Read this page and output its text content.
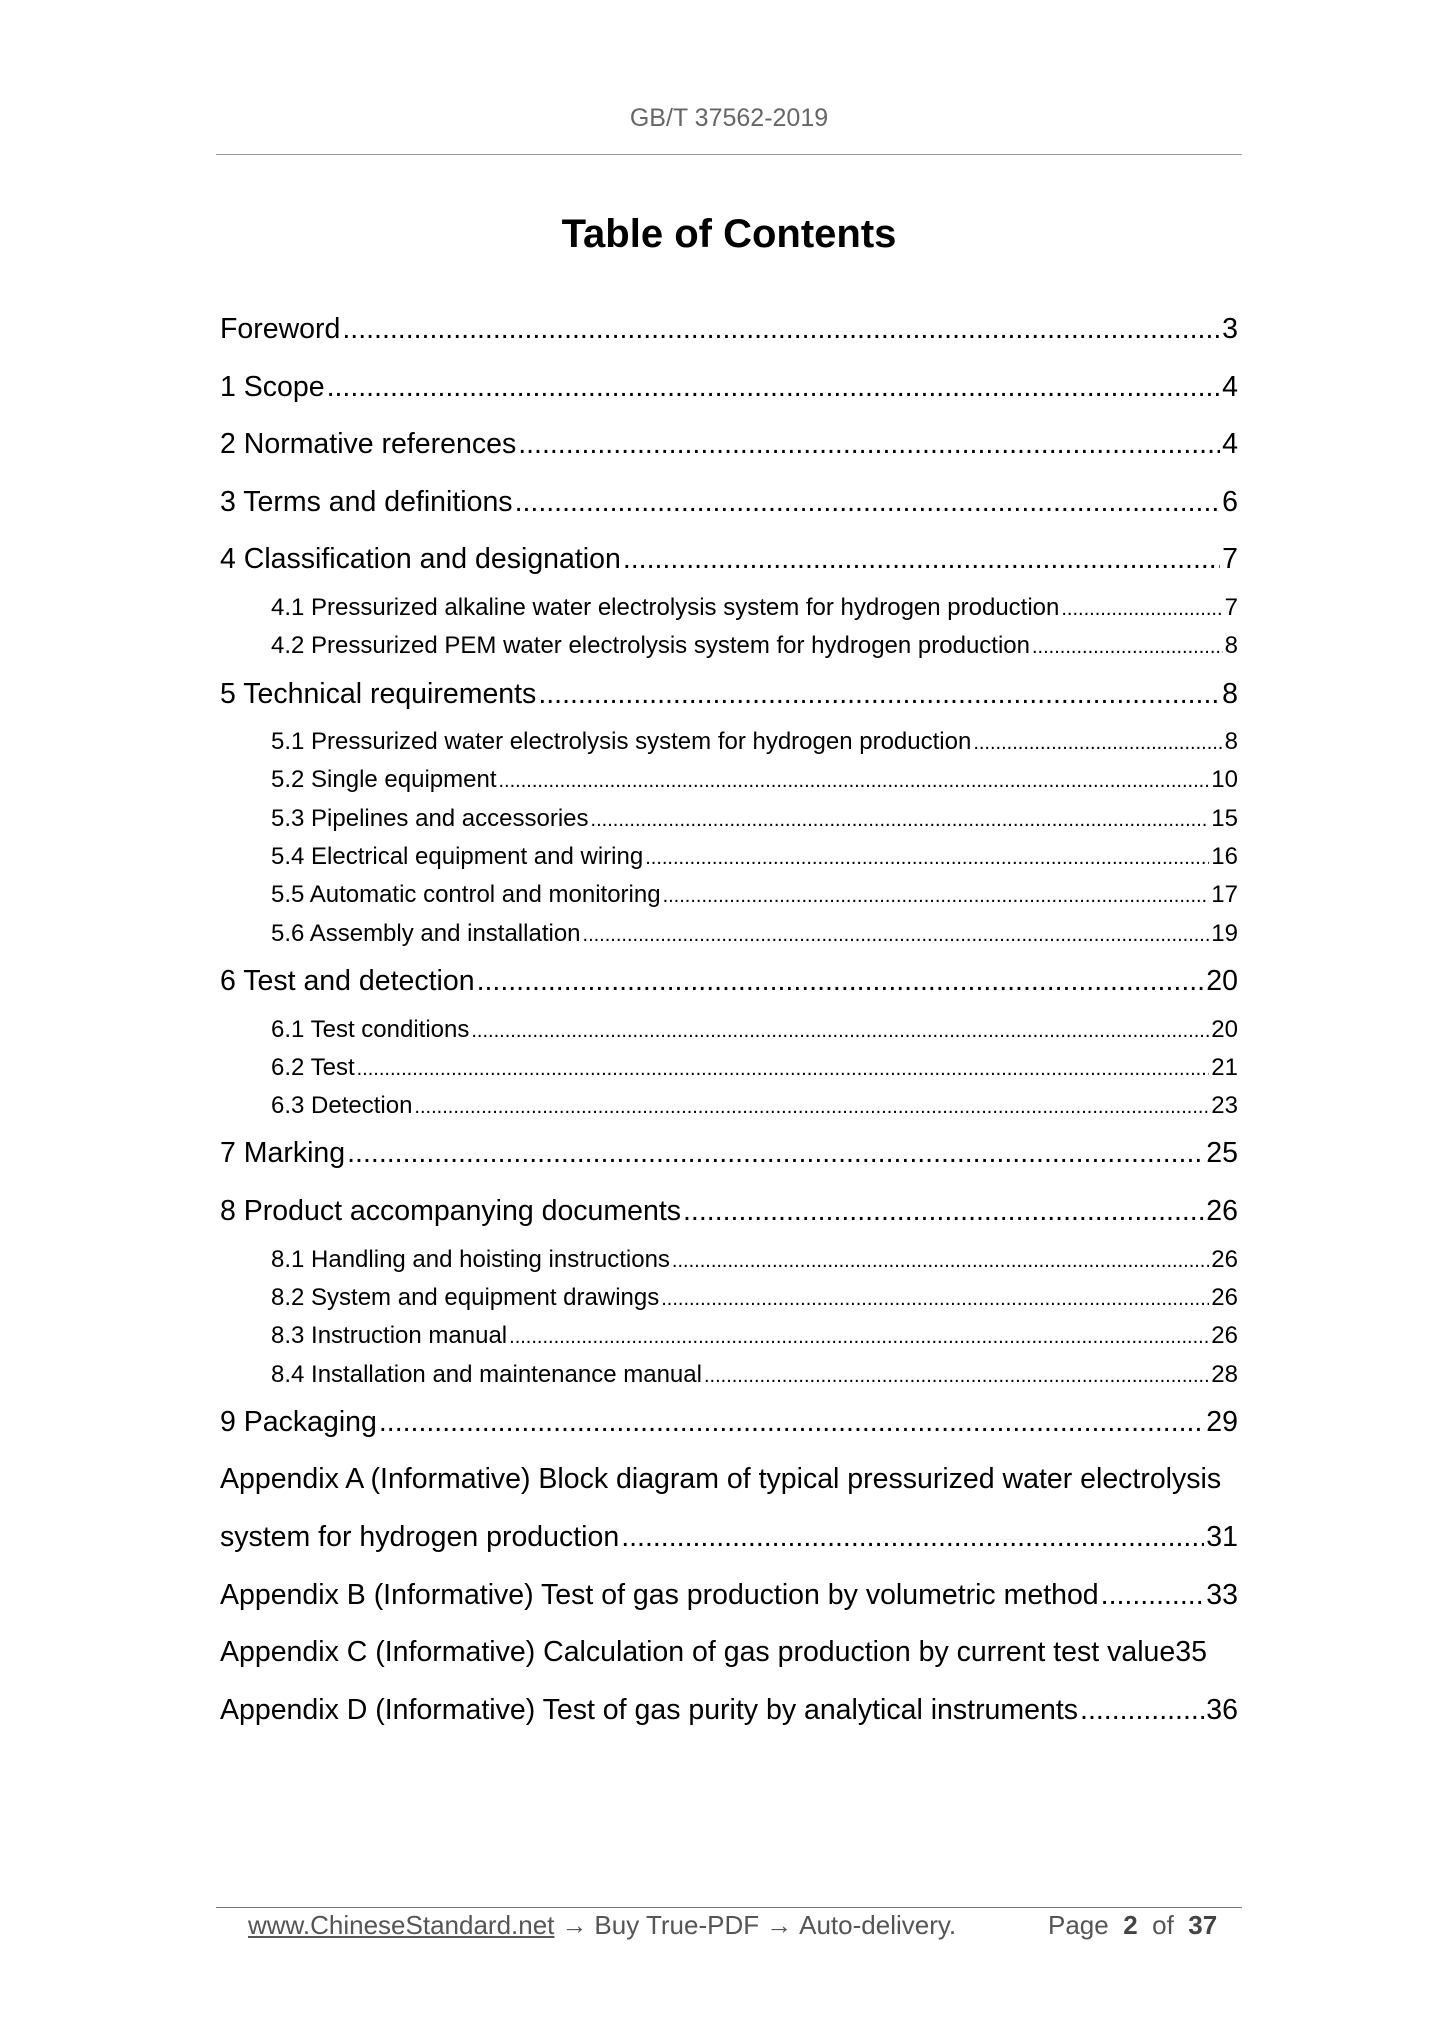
GB/T 37562-2019
Table of Contents
Foreword .....	3
1 Scope .....	4
2 Normative references .....	4
3 Terms and definitions .....	6
4 Classification and designation .....	7
4.1 Pressurized alkaline water electrolysis system for hydrogen production .....	7
4.2 Pressurized PEM water electrolysis system for hydrogen production .....	8
5 Technical requirements .....	8
5.1 Pressurized water electrolysis system for hydrogen production .....	8
5.2 Single equipment .....	10
5.3 Pipelines and accessories .....	15
5.4 Electrical equipment and wiring .....	16
5.5 Automatic control and monitoring .....	17
5.6 Assembly and installation .....	19
6 Test and detection .....	20
6.1 Test conditions .....	20
6.2 Test .....	21
6.3 Detection .....	23
7 Marking .....	25
8 Product accompanying documents .....	26
8.1 Handling and hoisting instructions .....	26
8.2 System and equipment drawings .....	26
8.3 Instruction manual .....	26
8.4 Installation and maintenance manual .....	28
9 Packaging .....	29
Appendix A (Informative) Block diagram of typical pressurized water electrolysis
system for hydrogen production .....	31
Appendix B (Informative) Test of gas production by volumetric method .....	33
Appendix C (Informative) Calculation of gas production by current test value 35
Appendix D (Informative) Test of gas purity by analytical instruments .....	36
www.ChineseStandard.net → Buy True-PDF → Auto-delivery.	Page 2 of 37
